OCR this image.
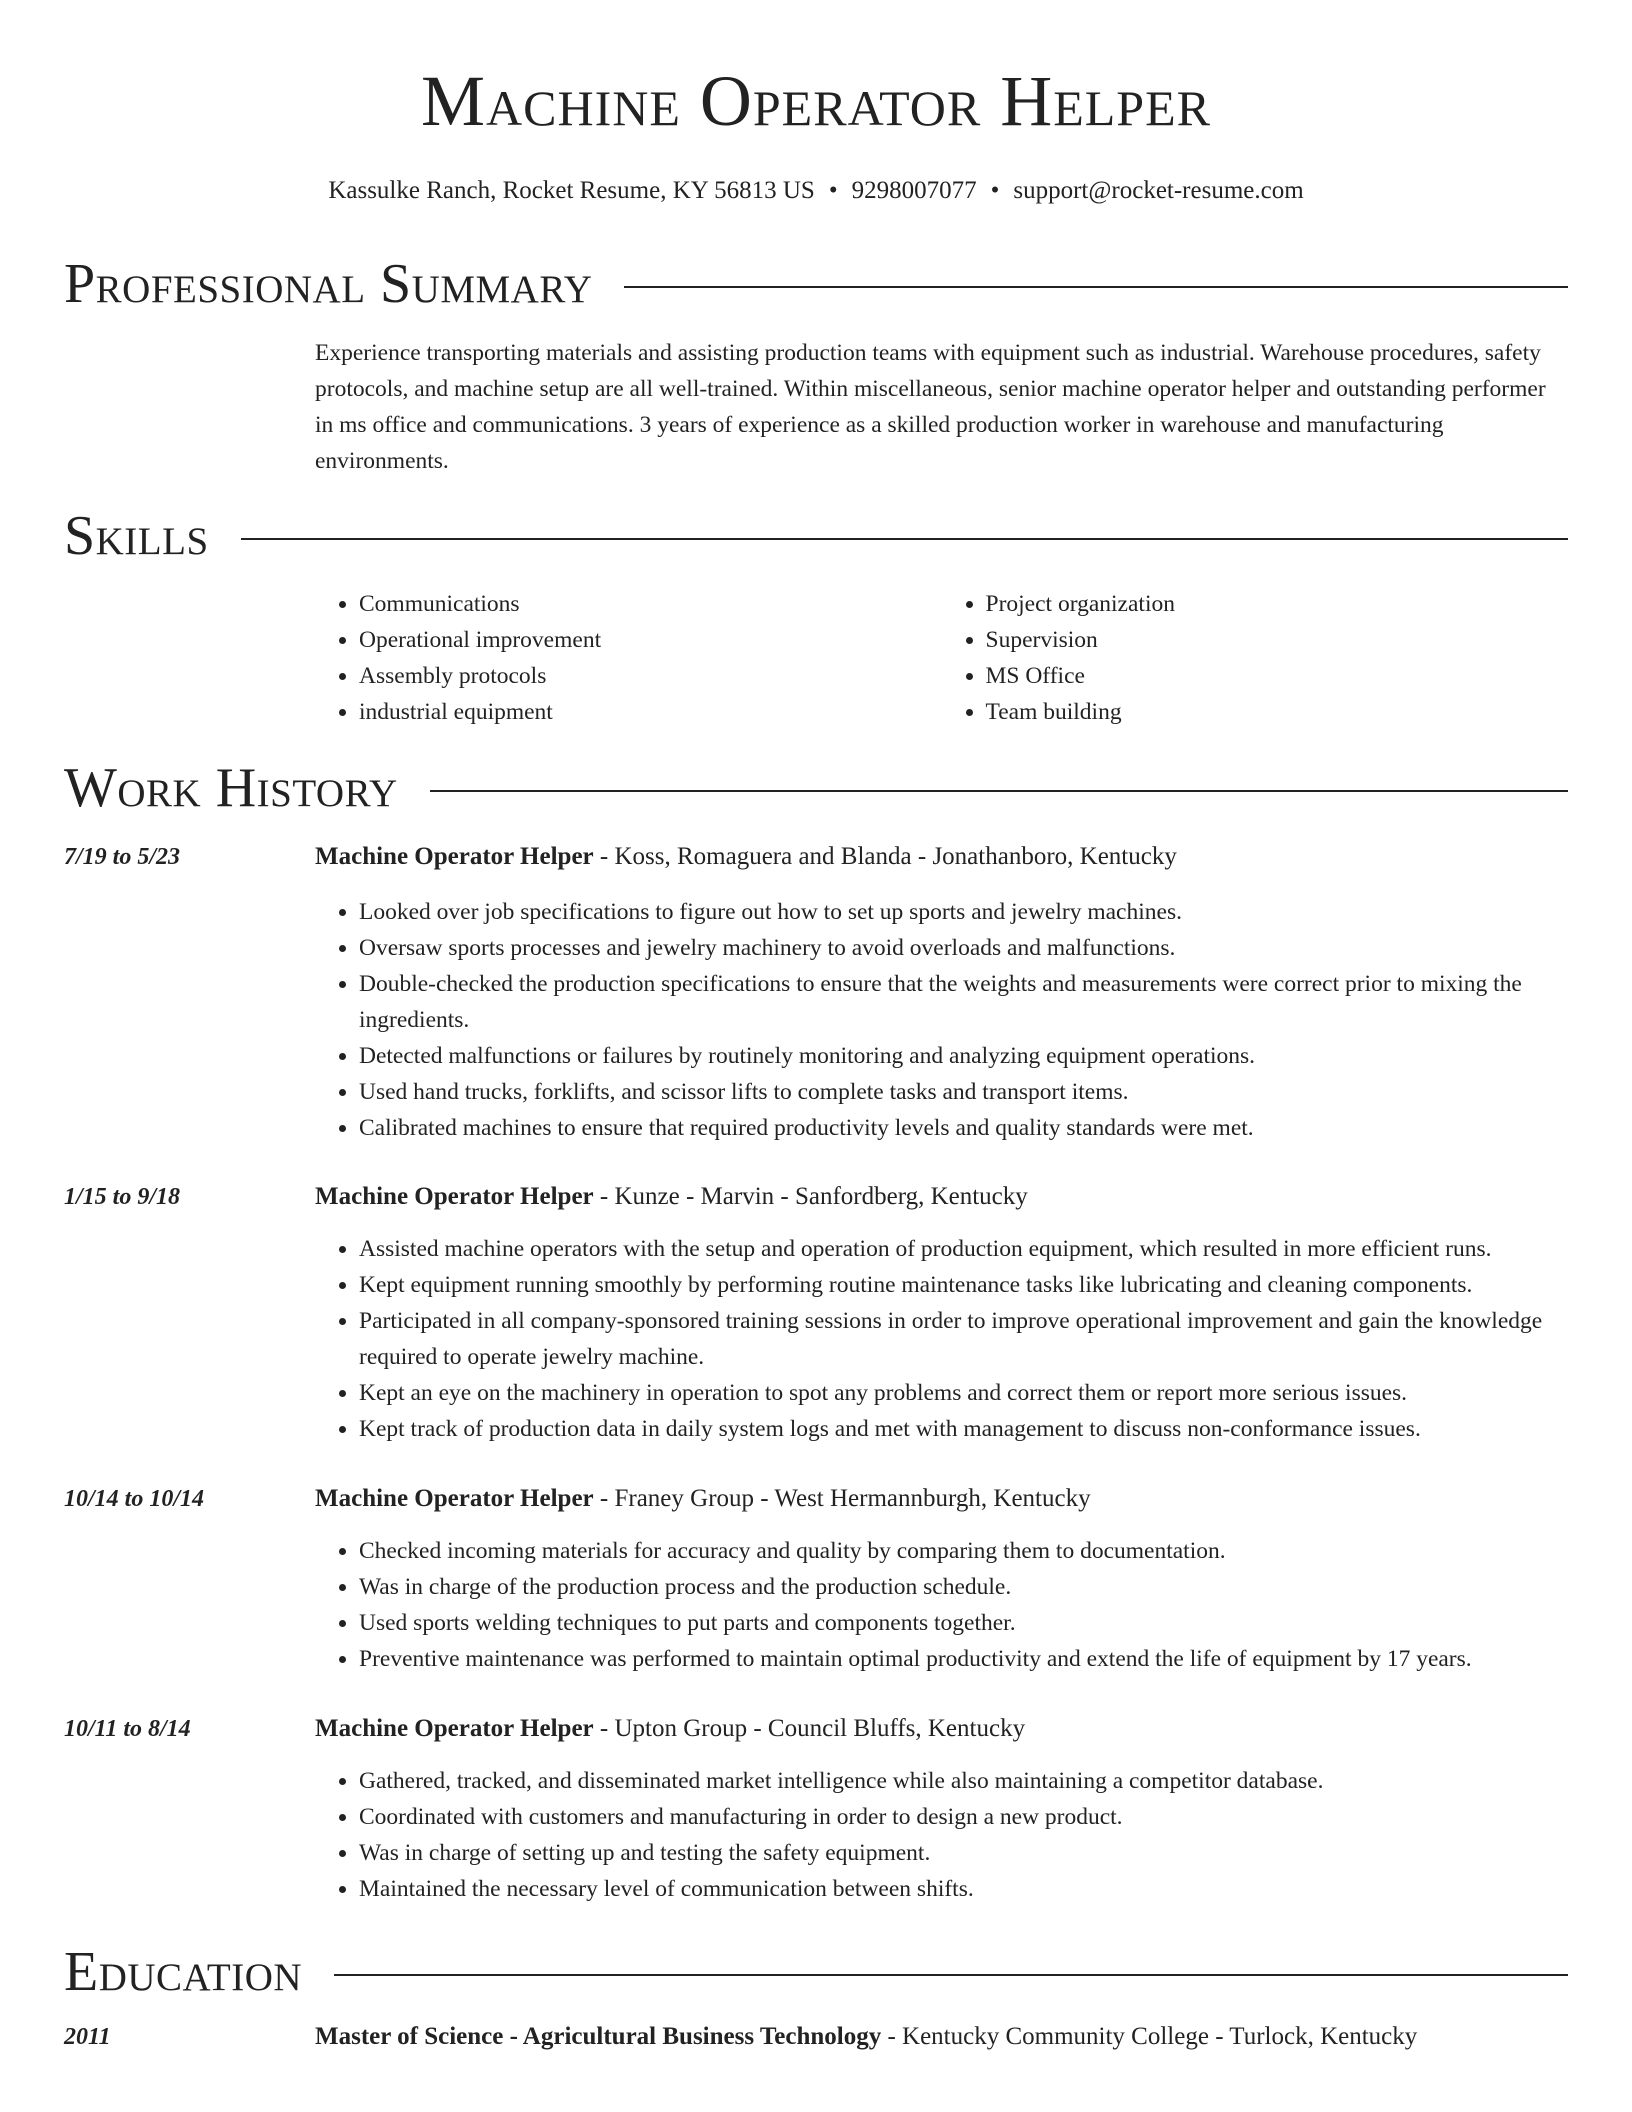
Machine Operator Helper
Kassulke Ranch, Rocket Resume, KY 56813 US • 9298007077 • support@rocket-resume.com
Professional Summary

Experience transporting materials and assisting production teams with equipment such as industrial. Warehouse procedures, safety protocols, and machine setup are all well-trained. Within miscellaneous, senior machine operator helper and outstanding performer in ms office and communications. 3 years of experience as a skilled production worker in warehouse and manufacturing environments.

Skills
• Communications
• Operational improvement
• Assembly protocols
• industrial equipment
• Project organization
• Supervision
• MS Office
• Team building
Work History
7/19 to 5/23	Machine Operator Helper - Koss, Romaguera and Blanda - Jonathanboro, Kentucky
• Looked over job specifications to figure out how to set up sports and jewelry machines.
• Oversaw sports processes and jewelry machinery to avoid overloads and malfunctions.
• Double-checked the production specifications to ensure that the weights and measurements were correct prior to mixing the ingredients.
• Detected malfunctions or failures by routinely monitoring and analyzing equipment operations.
• Used hand trucks, forklifts, and scissor lifts to complete tasks and transport items.
• Calibrated machines to ensure that required productivity levels and quality standards were met.
1/15 to 9/18	Machine Operator Helper - Kunze - Marvin - Sanfordberg, Kentucky
• Assisted machine operators with the setup and operation of production equipment, which resulted in more efficient runs.
• Kept equipment running smoothly by performing routine maintenance tasks like lubricating and cleaning components.
• Participated in all company-sponsored training sessions in order to improve operational improvement and gain the knowledge required to operate jewelry machine.
• Kept an eye on the machinery in operation to spot any problems and correct them or report more serious issues.
• Kept track of production data in daily system logs and met with management to discuss non-conformance issues.
10/14 to 10/14	Machine Operator Helper - Franey Group - West Hermannburgh, Kentucky
• Checked incoming materials for accuracy and quality by comparing them to documentation.
• Was in charge of the production process and the production schedule.
• Used sports welding techniques to put parts and components together.
• Preventive maintenance was performed to maintain optimal productivity and extend the life of equipment by 17 years.
10/11 to 8/14	Machine Operator Helper - Upton Group - Council Bluffs, Kentucky
• Gathered, tracked, and disseminated market intelligence while also maintaining a competitor database.
• Coordinated with customers and manufacturing in order to design a new product.
• Was in charge of setting up and testing the safety equipment.
• Maintained the necessary level of communication between shifts.
Education
2011	Master of Science - Agricultural Business Technology - Kentucky Community College - Turlock, Kentucky
